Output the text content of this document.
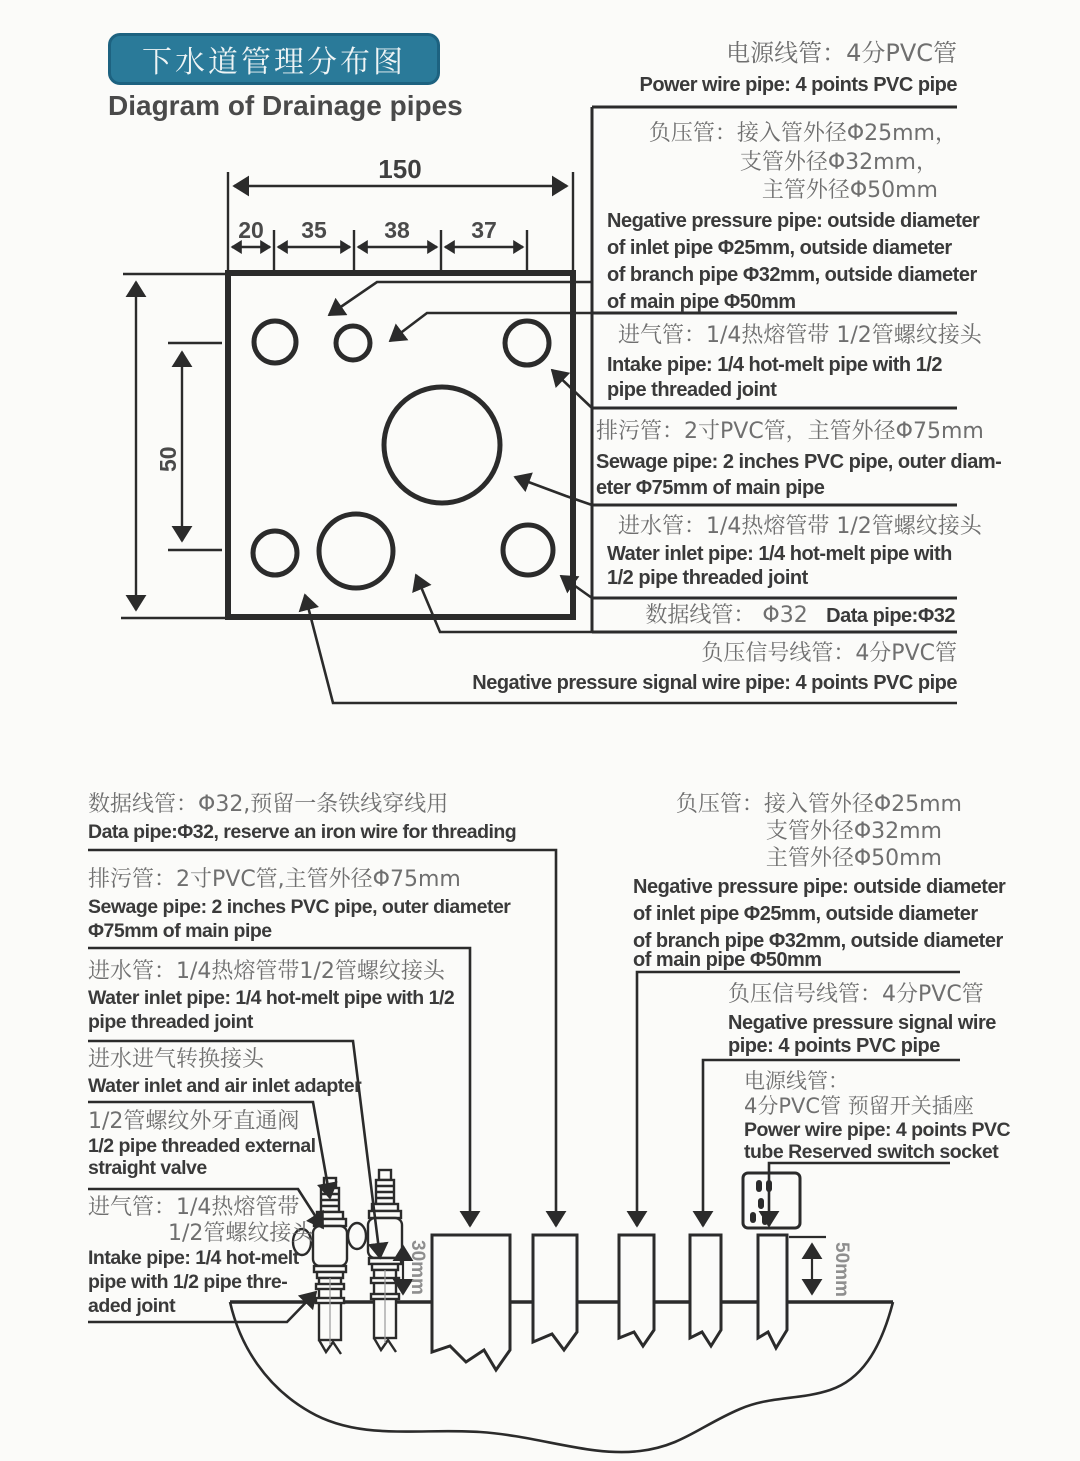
150
20 35 38	37
50
30mm	50mm
下水道管理分布图
Diagram of Drainage pipes
电源线管：4分PVC管
Power wire pipe: 4 points PVC pipe
负压管：接入管外径Φ25mm，
支管外径Φ32mm，
主管外径Φ50mm
Negative pressure pipe: outside diameter
of inlet pipe Φ25mm, outside diameter
of branch pipe Φ32mm, outside diameter
of main pipe Φ50mm
进气管：1/4热熔管带 1/2管螺纹接头
Intake pipe: 1/4 hot-melt pipe with 1/2
pipe threaded joint
排污管：2寸PVC管，主管外径Φ75mm
Sewage pipe: 2 inches PVC pipe, outer diam-
eter Φ75mm of main pipe
进水管：1/4热熔管带 1/2管螺纹接头
Water inlet pipe: 1/4 hot-melt pipe with
1/2 pipe threaded joint
数据线管： Φ32 Data pipe:Φ32
负压信号线管：4分PVC管
Negative pressure signal wire pipe: 4 points PVC pipe
数据线管：Φ32,预留一条铁线穿线用
Data pipe:Φ32, reserve an iron wire for threading
排污管：2寸PVC管,主管外径Φ75mm
Sewage pipe: 2 inches PVC pipe, outer diameter
Φ75mm of main pipe
进水管：1/4热熔管带1/2管螺纹接头
Water inlet pipe: 1/4 hot-melt pipe with 1/2
pipe threaded joint
进水进气转换接头
Water inlet and air inlet adapter
1/2管螺纹外牙直通阀
1/2 pipe threaded external
straight valve
进气管：1/4热熔管带
1/2管螺纹接头
Intake pipe: 1/4 hot-melt
pipe with 1/2 pipe thre-
aded joint
负压管：接入管外径Φ25mm
支管外径Φ32mm
主管外径Φ50mm
Negative pressure pipe: outside diameter
of inlet pipe Φ25mm, outside diameter
of branch pipe Φ32mm, outside diameter
of main pipe Φ50mm
负压信号线管：4分PVC管
Negative pressure signal wire
pipe: 4 points PVC pipe
电源线管：
4分PVC管 预留开关插座
Power wire pipe: 4 points PVC
tube Reserved switch socket
